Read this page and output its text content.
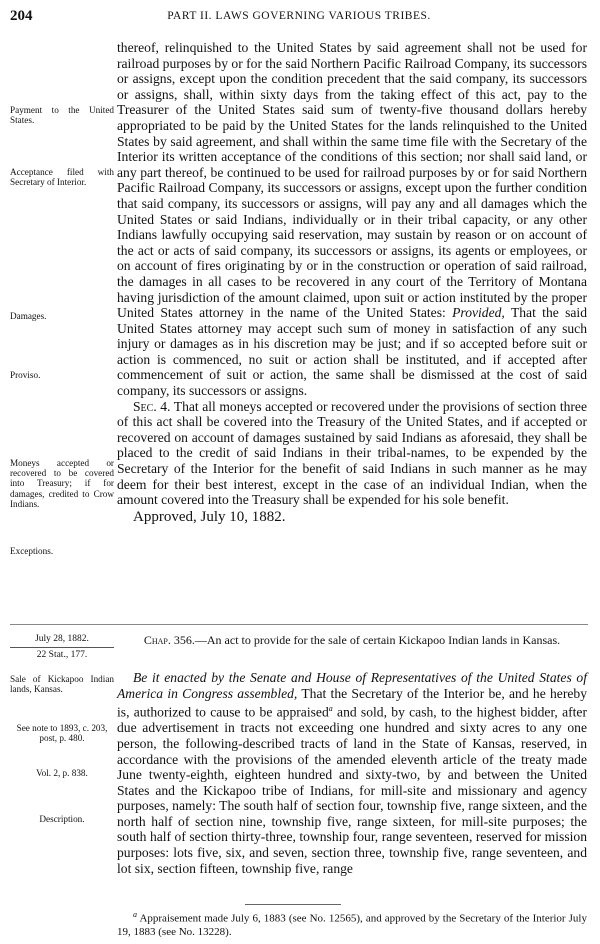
204	PART II. LAWS GOVERNING VARIOUS TRIBES.
Payment to the United States.
Acceptance filed with Secretary of Interior.
Damages.
Proviso.
Moneys accepted or recovered to be covered into Treasury; if for damages, credited to Crow Indians.
Exceptions.

thereof, relinquished to the United States by said agreement shall not be used for railroad purposes by or for the said Northern Pacific Railroad Company, its successors or assigns, except upon the condition precedent that the said company, its successors or assigns, shall, within sixty days from the taking effect of this act, pay to the Treasurer of the United States said sum of twenty-five thousand dollars hereby appropriated to be paid by the United States for the lands relinquished to the United States by said agreement, and shall within the same time file with the Secretary of the Interior its written acceptance of the conditions of this section; nor shall said land, or any part thereof, be continued to be used for railroad purposes by or for said Northern Pacific Railroad Company, its successors or assigns, except upon the further condition that said company, its successors or assigns, will pay any and all damages which the United States or said Indians, individually or in their tribal capacity, or any other Indians lawfully occupying said reservation, may sustain by reason or on account of the act or acts of said company, its successors or assigns, its agents or employees, or on account of fires originating by or in the construction or operation of said railroad, the damages in all cases to be recovered in any court of the Territory of Montana having jurisdiction of the amount claimed, upon suit or action instituted by the proper United States attorney in the name of the United States: Provided, That the said United States attorney may accept such sum of money in satisfaction of any such injury or damages as in his discretion may be just; and if so accepted before suit or action is commenced, no suit or action shall be instituted, and if accepted after commencement of suit or action, the same shall be dismissed at the cost of said company, its successors or assigns.

Sec. 4. That all moneys accepted or recovered under the provisions of section three of this act shall be covered into the Treasury of the United States, and if accepted or recovered on account of damages sustained by said Indians as aforesaid, they shall be placed to the credit of said Indians in their tribal-names, to be expended by the Secretary of the Interior for the benefit of said Indians in such manner as he may deem for their best interest, except in the case of an individual Indian, when the amount covered into the Treasury shall be expended for his sole benefit.

Approved, July 10, 1882.

July 28, 1882.
22 Stat., 177.
Chap. 356.—An act to provide for the sale of certain Kickapoo Indian lands in Kansas.
Sale of Kickapoo Indian lands, Kansas.
See note to 1893, c. 203, post, p. 480.
Vol. 2, p. 838.
Description.

Be it enacted by the Senate and House of Representatives of the United States of America in Congress assembled, That the Secretary of the Interior be, and he hereby is, authorized to cause to be appraised$^a$ and sold, by cash, to the highest bidder, after due advertisement in tracts not exceeding one hundred and sixty acres to any one person, the following-described tracts of land in the State of Kansas, reserved, in accordance with the provisions of the amended eleventh article of the treaty made June twenty-eighth, eighteen hundred and sixty-two, by and between the United States and the Kickapoo tribe of Indians, for mill-site and missionary and agency purposes, namely: The south half of section four, township five, range sixteen, and the north half of section nine, township five, range sixteen, for mill-site purposes; the south half of section thirty-three, township four, range seventeen, reserved for mission purposes: lots five, six, and seven, section three, township five, range seventeen, and lot six, section fifteen, township five, range

$^a$ Appraisement made July 6, 1883 (see No. 12565), and approved by the Secretary of the Interior July 19, 1883 (see No. 13228).
